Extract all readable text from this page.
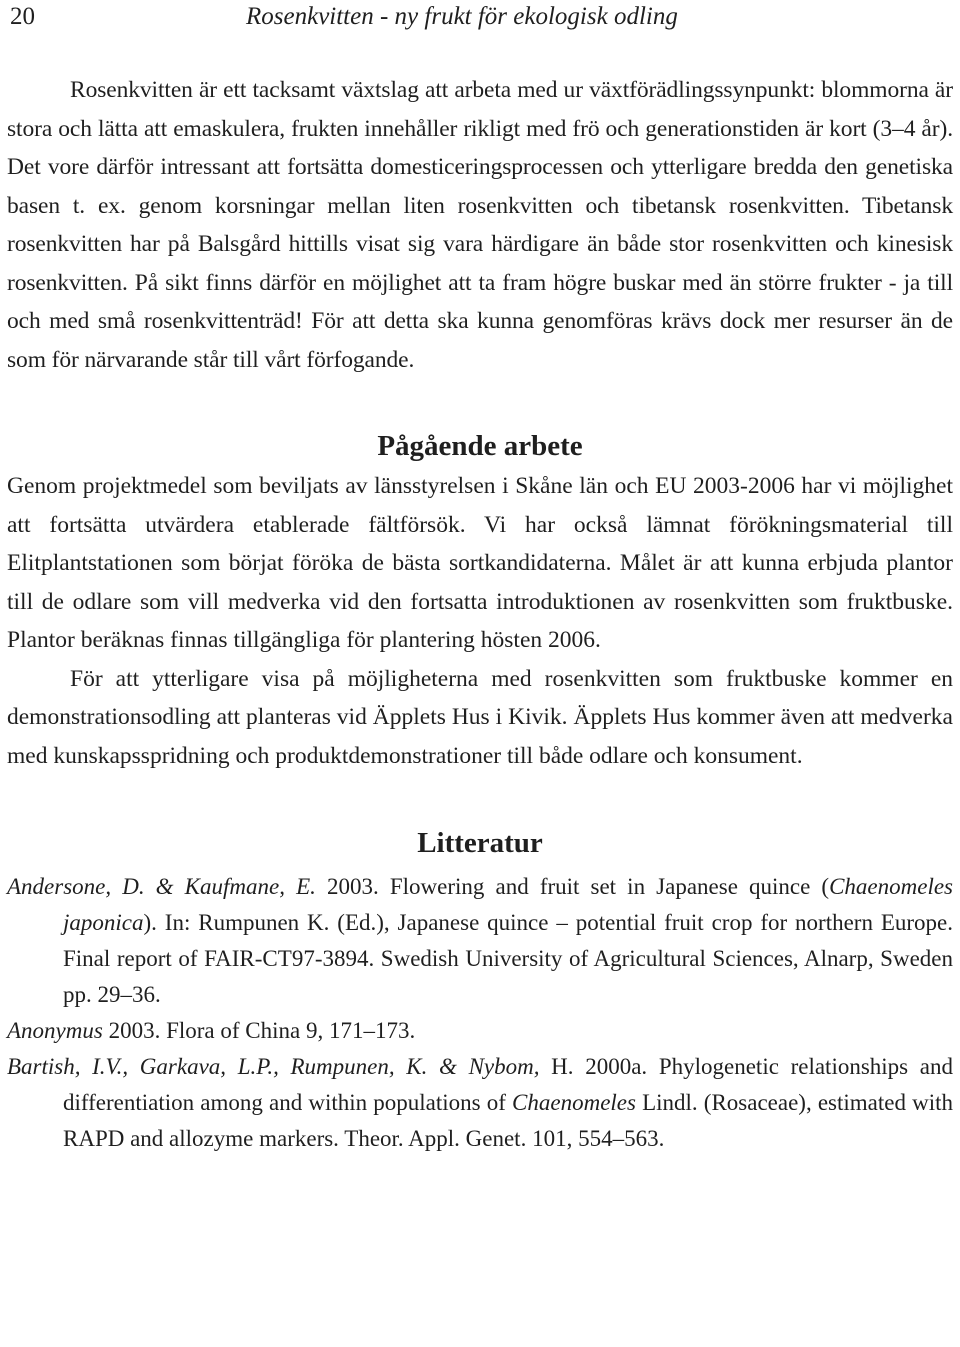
20	Rosenkvitten - ny frukt för ekologisk odling

Rosenkvitten är ett tacksamt växtslag att arbeta med ur växtförädlingssynpunkt: blommorna är stora och lätta att emaskulera, frukten innehåller rikligt med frö och generationstiden är kort (3–4 år). Det vore därför intressant att fortsätta domesticeringsprocessen och ytterligare bredda den genetiska basen t. ex. genom korsningar mellan liten rosenkvitten och tibetansk rosenkvitten. Tibetansk rosenkvitten har på Balsgård hittills visat sig vara härdigare än både stor rosenkvitten och kinesisk rosenkvitten. På sikt finns därför en möjlighet att ta fram högre buskar med än större frukter - ja till och med små rosenkvittenträd! För att detta ska kunna genomföras krävs dock mer resurser än de som för närvarande står till vårt förfogande.

Pågående arbete

Genom projektmedel som beviljats av länsstyrelsen i Skåne län och EU 2003-2006 har vi möjlighet att fortsätta utvärdera etablerade fältförsök. Vi har också lämnat förökningsmaterial till Elitplantstationen som börjat föröka de bästa sortkandidaterna. Målet är att kunna erbjuda plantor till de odlare som vill medverka vid den fortsatta introduktionen av rosenkvitten som fruktbuske. Plantor beräknas finnas tillgängliga för plantering hösten 2006.

För att ytterligare visa på möjligheterna med rosenkvitten som fruktbuske kommer en demonstrationsodling att planteras vid Äpplets Hus i Kivik. Äpplets Hus kommer även att medverka med kunskapsspridning och produktdemonstrationer till både odlare och konsument.

Litteratur

Andersone, D. & Kaufmane, E. 2003. Flowering and fruit set in Japanese quince (Chaenomeles japonica). In: Rumpunen K. (Ed.), Japanese quince – potential fruit crop for northern Europe. Final report of FAIR-CT97-3894. Swedish University of Agricultural Sciences, Alnarp, Sweden pp. 29–36.

Anonymus 2003. Flora of China 9, 171–173.

Bartish, I.V., Garkava, L.P., Rumpunen, K. & Nybom, H. 2000a. Phylogenetic relationships and differentiation among and within populations of Chaenomeles Lindl. (Rosaceae), estimated with RAPD and allozyme markers. Theor. Appl. Genet. 101, 554–563.
